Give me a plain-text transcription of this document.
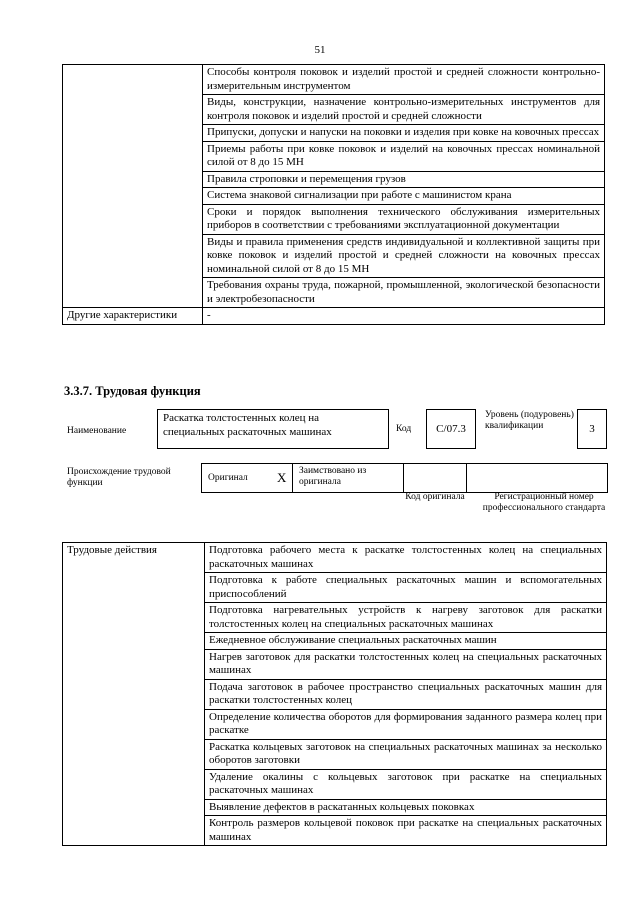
51
	Способы контроля поковок и изделий простой и средней сложности контрольно-измерительным инструментом
	Виды, конструкции, назначение контрольно-измерительных инструментов для контроля поковок и изделий простой и средней сложности
	Припуски, допуски и напуски на поковки и изделия при ковке на ковочных прессах
	Приемы работы при ковке поковок и изделий на ковочных прессах номинальной силой от 8 до 15 МН
	Правила строповки и перемещения грузов
	Система знаковой сигнализации при работе с машинистом крана
	Сроки и порядок выполнения технического обслуживания измерительных приборов в соответствии с требованиями эксплуатационной документации
	Виды и правила применения средств индивидуальной и коллективной защиты при ковке поковок и изделий простой и средней сложности на ковочных прессах номинальной силой от 8 до 15 МН
	Требования охраны труда, пожарной, промышленной, экологической безопасности и электробезопасности
Другие характеристики	-
3.3.7. Трудовая функция
Наименование
Раскатка толстостенных колец на специальных раскаточных машинах	Код	С/07.3
Уровень (подуровень) квалификации	3
Происхождение трудовой функции	Оригинал X Заимствовано из оригинала
Код оригинала	Регистрационный номер профессионального стандарта
Трудовые действия	Подготовка рабочего места к раскатке толстостенных колец на специальных раскаточных машинах
Подготовка к работе специальных раскаточных машин и вспомогательных приспособлений
Подготовка нагревательных устройств к нагреву заготовок для раскатки толстостенных колец на специальных раскаточных машинах
Ежедневное обслуживание специальных раскаточных машин
Нагрев заготовок для раскатки толстостенных колец на специальных раскаточных машинах
Подача заготовок в рабочее пространство специальных раскаточных машин для раскатки толстостенных колец
Определение количества оборотов для формирования заданного размера колец при раскатке
Раскатка кольцевых заготовок на специальных раскаточных машинах за несколько оборотов заготовки
Удаление окалины с кольцевых заготовок при раскатке на специальных раскаточных машинах
Выявление дефектов в раскатанных кольцевых поковках
Контроль размеров кольцевой поковок при раскатке на специальных раскаточных машинах
